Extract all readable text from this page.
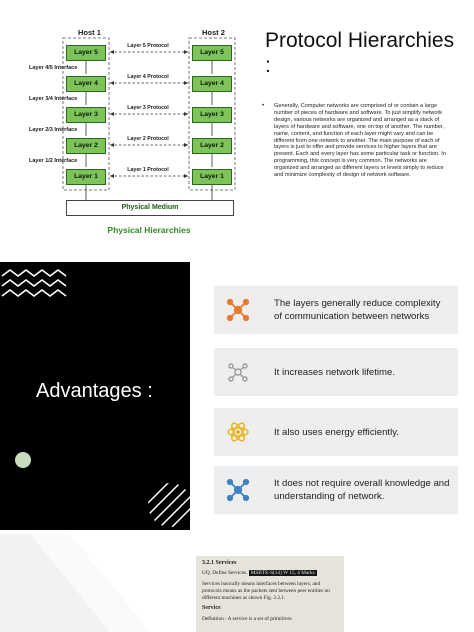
Host 1	Host 2
Layer 5
Layer 4
Layer 3
Layer 2
Layer 1
Layer 5
Layer 4
Layer 3
Layer 2
Layer 1
Layer 5 Protocol
Layer 4 Protocol
Layer 3 Protocol
Layer 2 Protocol
Layer 1 Protocol
Layer 4/5 Interface
Layer 3/4 Interface
Layer 2/3 Interface
Layer 1/2 Interface
Physical Medium
Physical Hierarchies
Protocol Hierarchies :
• Generally, Computer networks are comprised of or contain a large number of pieces of hardware and software. To just simplify network design, various networks are organized and arranged as a stack of layers of hardware and software, one on top of another. The number, name, content, and function of each layer might vary and can be different from one network to another. The main purpose of each of layers is just to offer and provide services to higher layers that are present. Each and every layer has some particular task or function. In programming, this concept is very common. The networks are organized and arranged as different layers or levels simply to reduce and minimize complexity of design of network software.

Advantages :
The layers generally reduce complexity of communication between networks
It increases network lifetime.
It also uses energy efficiently.
It does not require overall knowledge and understanding of network.
3.2.1 Services
UQ. Define Services. MSBTE-S(14) W 15, 4 Marks
Services basically means interfaces between layers, and
protocols means as the packets sent between peer entities on
different machines as shown Fig. 3.2.1.
Service
Definition : A service is a set of primitives
